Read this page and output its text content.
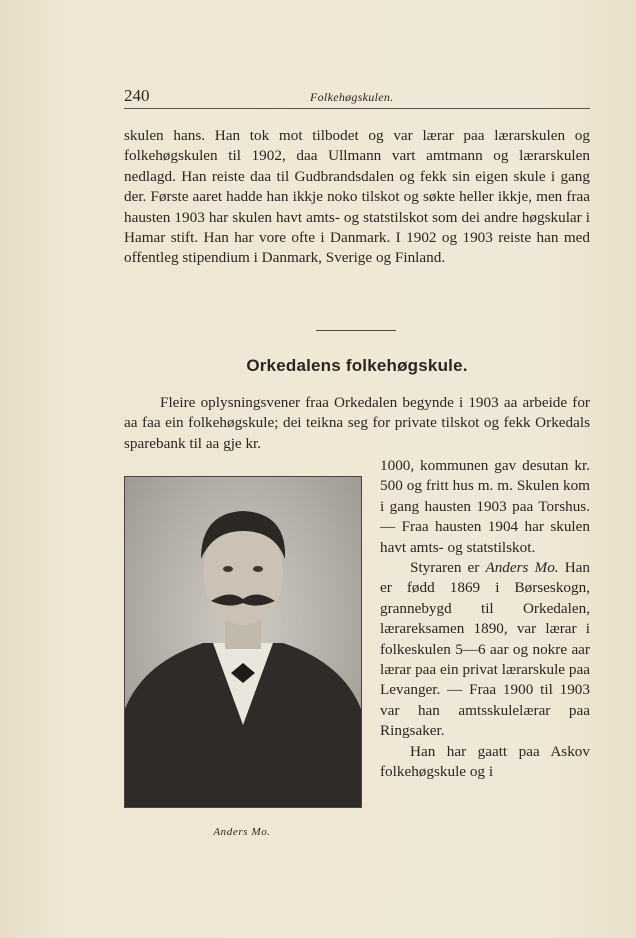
240	Folkehøgskulen.

skulen hans. Han tok mot tilbodet og var lærar paa lærarskulen og folkehøgskulen til 1902, daa Ullmann vart amtmann og lærarskulen nedlagd. Han reiste daa til Gudbrandsdalen og fekk sin eigen skule i gang der. Første aaret hadde han ikkje noko tilskot og søkte heller ikkje, men fraa hausten 1903 har skulen havt amts- og statstilskot som dei andre høgskular i Hamar stift. Han har vore ofte i Danmark. I 1902 og 1903 reiste han med offentleg stipendium i Danmark, Sverige og Finland.

Orkedalens folkehøgskule.

Fleire oplysningsvener fraa Orkedalen begynde i 1903 aa arbeide for aa faa ein folkehøgskule; dei teikna seg for private tilskot og fekk Orkedals sparebank til aa gje kr.

Anders Mo.

1000, kommunen gav desutan kr. 500 og fritt hus m. m. Skulen kom i gang hausten 1903 paa Torshus. — Fraa hausten 1904 har skulen havt amts- og statstilskot.

Styraren er Anders Mo. Han er fødd 1869 i Børseskogn, grannebygd til Orkedalen, lærareksamen 1890, var lærar i folkeskulen 5—6 aar og nokre aar lærar paa ein privat lærarskule paa Levanger. — Fraa 1900 til 1903 var han amtsskulelærar paa Ringsaker.

Han har gaatt paa Askov folkehøgskule og i
